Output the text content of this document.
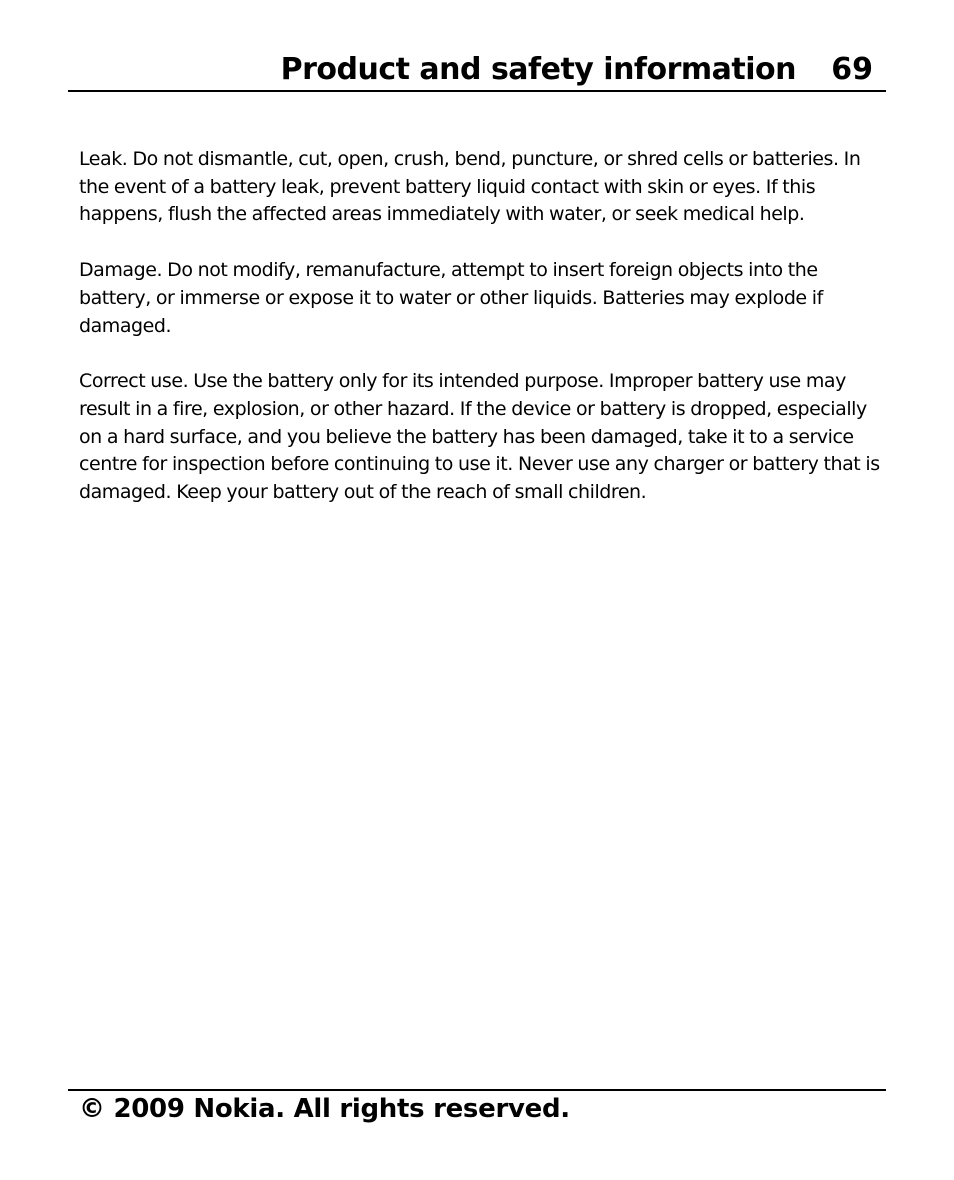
Product and safety information 69

Leak. Do not dismantle, cut, open, crush, bend, puncture, or shred cells or batteries. In the event of a battery leak, prevent battery liquid contact with skin or eyes. If this happens, flush the affected areas immediately with water, or seek medical help.

Damage. Do not modify, remanufacture, attempt to insert foreign objects into the battery, or immerse or expose it to water or other liquids. Batteries may explode if damaged.

Correct use. Use the battery only for its intended purpose. Improper battery use may result in a fire, explosion, or other hazard. If the device or battery is dropped, especially on a hard surface, and you believe the battery has been damaged, take it to a service centre for inspection before continuing to use it. Never use any charger or battery that is damaged. Keep your battery out of the reach of small children.

© 2009 Nokia. All rights reserved.
